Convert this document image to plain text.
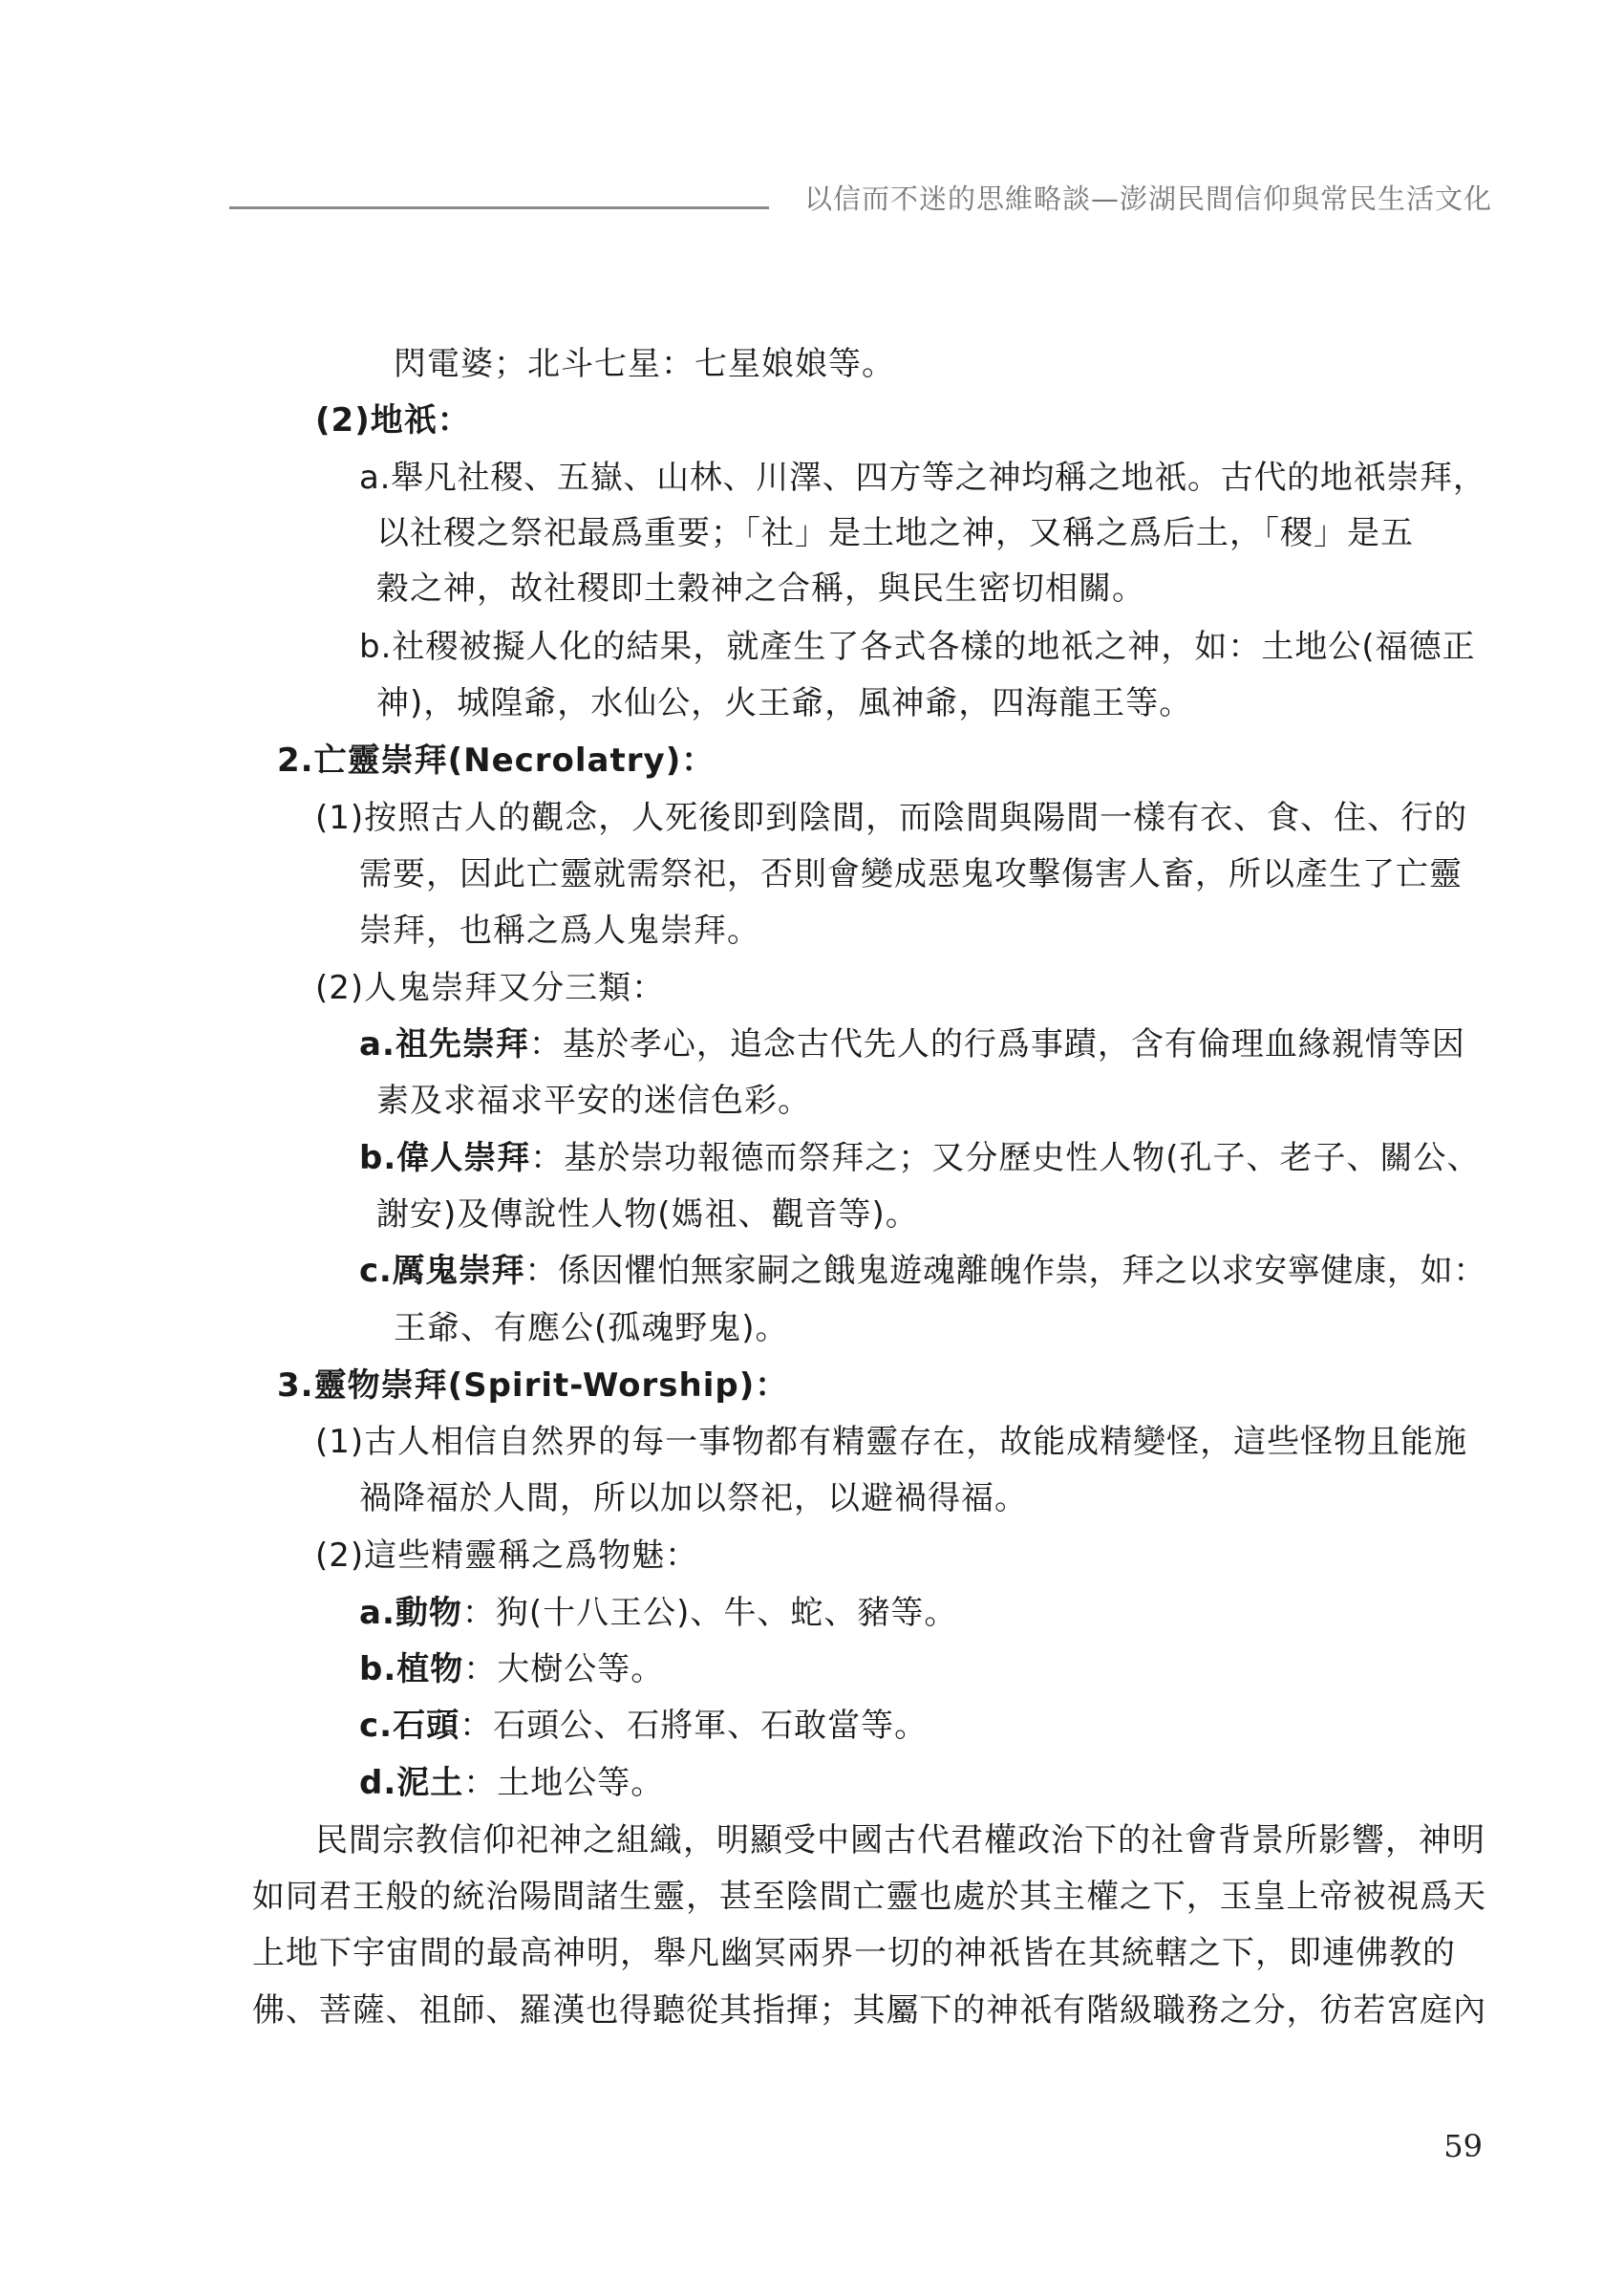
以信而不迷的思維略談—澎湖民間信仰與常民生活文化
閃電婆；北斗七星：七星娘娘等。
(2)地祇：
a.舉凡社稷、五嶽、山林、川澤、四方等之神均稱之地祇。古代的地祇崇拜，
以社稷之祭祀最爲重要；「社」是土地之神，又稱之爲后土，「稷」是五
穀之神，故社稷即土穀神之合稱，與民生密切相關。
b.社稷被擬人化的結果，就產生了各式各樣的地祇之神，如：土地公(福德正
神)，城隍爺，水仙公，火王爺，風神爺，四海龍王等。
2.亡靈崇拜(Necrolatry)：
(1)按照古人的觀念，人死後即到陰間，而陰間與陽間一樣有衣、食、住、行的
需要，因此亡靈就需祭祀，否則會變成惡鬼攻擊傷害人畜，所以產生了亡靈
崇拜，也稱之爲人鬼崇拜。
(2)人鬼崇拜又分三類：
a.祖先崇拜：基於孝心，追念古代先人的行爲事蹟，含有倫理血緣親情等因
素及求福求平安的迷信色彩。
b.偉人崇拜：基於崇功報德而祭拜之；又分歷史性人物(孔子、老子、關公、
謝安)及傳說性人物(媽祖、觀音等)。
c.厲鬼崇拜：係因懼怕無家嗣之餓鬼遊魂離魄作祟，拜之以求安寧健康，如：
王爺、有應公(孤魂野鬼)。
3.靈物崇拜(Spirit-Worship)：
(1)古人相信自然界的每一事物都有精靈存在，故能成精變怪，這些怪物且能施
禍降福於人間，所以加以祭祀，以避禍得福。
(2)這些精靈稱之爲物魅：
a.動物：狗(十八王公)、牛、蛇、豬等。
b.植物：大樹公等。
c.石頭：石頭公、石將軍、石敢當等。
d.泥土：土地公等。
民間宗教信仰祀神之組織，明顯受中國古代君權政治下的社會背景所影響，神明
如同君王般的統治陽間諸生靈，甚至陰間亡靈也處於其主權之下，玉皇上帝被視爲天
上地下宇宙間的最高神明，舉凡幽冥兩界一切的神祇皆在其統轄之下，即連佛教的
佛、菩薩、祖師、羅漢也得聽從其指揮；其屬下的神祇有階級職務之分，彷若宮庭內
59
